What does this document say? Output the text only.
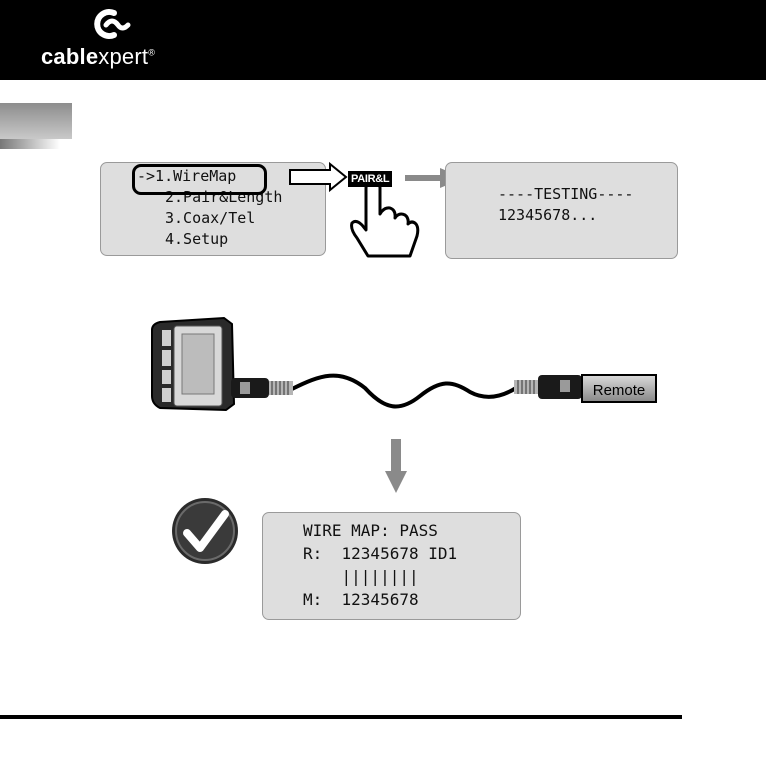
cablexpert®
->1.WireMap
2.Pair&Length
3.Coax/Tel
4.Setup
PAIR&L
----TESTING----
12345678...
Remote
WIRE MAP: PASS
R:  12345678 ID1
||||||||
M:  12345678
